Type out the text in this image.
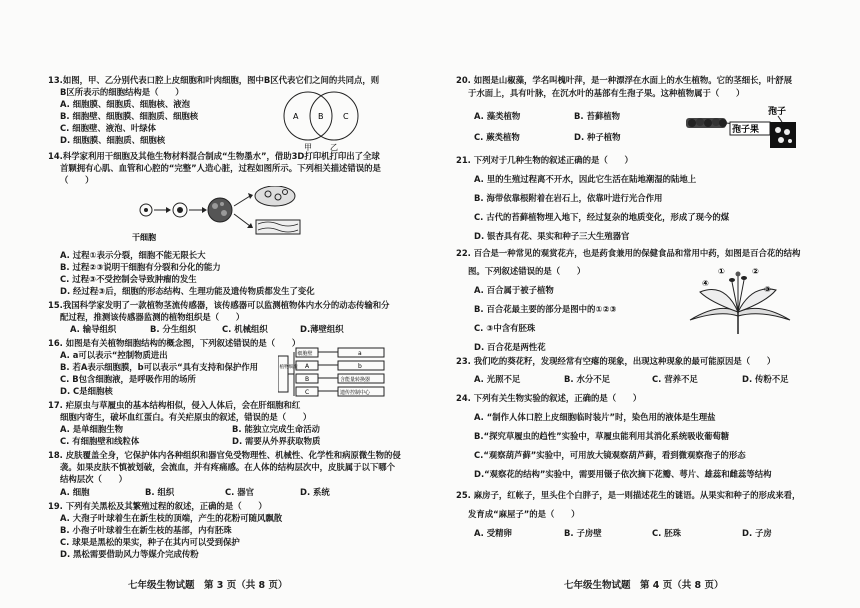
13.如图，甲、乙分别代表口腔上皮细胞和叶肉细胞，图中B区代表它们之间的共同点，则
B区所表示的细胞结构是（　　）
A. 细胞膜、细胞质、细胞核、液泡
B. 细胞壁、细胞膜、细胞质、细胞核
C. 细胞壁、液泡、叶绿体
D. 细胞膜、细胞质、细胞核
A B C
甲 乙
14.科学家利用干细胞及其他生物材料混合制成“生物墨水”，借助3D打印机打印出了全球
首颗拥有心肌、血管和心腔的“完整”人造心脏，过程如图所示。下列相关描述错误的是
（　　）
干细胞
A. 过程①表示分裂，细胞不能无限长大
B. 过程②③说明干细胞有分裂和分化的能力
C. 过程③不受控制会导致肿瘤的发生
D. 经过程③后，细胞的形态结构、生理功能及遗传物质都发生了变化
15.我国科学家发明了一款植物茎流传感器，该传感器可以监测植物体内水分的动态传输和分
配过程，推测该传感器监测的植物组织是（　　）
A. 输导组织	B. 分生组织	C. 机械组织	D.薄壁组织
16. 如图是有关植物细胞结构的概念图，下列叙述错误的是（　　）
A. a可以表示“控制物质进出
B. 若A表示细胞膜，b可以表示“具有支持和保护作用
C. B包含细胞液，是呼吸作用的场所
D. C是细胞核
植物细胞
细胞壁
A
B
C
a
b
含能量转换器
遗传控制中心
17. 疟原虫与草履虫的基本结构相似，侵入人体后，会在肝细胞和红
细胞内寄生，破坏血红蛋白。有关疟原虫的叙述，错误的是（　　）
A. 是单细胞生物	B. 能独立完成生命活动
C. 有细胞壁和线粒体	D. 需要从外界获取物质
18. 皮肤覆盖全身，它保护体内各种组织和器官免受物理性、机械性、化学性和病原微生物的侵
袭。如果皮肤不慎被划破，会流血，并有疼痛感。在人体的结构层次中，皮肤属于以下哪个
结构层次（　　）
A. 细胞	B. 组织	C. 器官	D. 系统
19. 下列有关黑松及其繁殖过程的叙述，正确的是（　　）
A. 大孢子叶球着生在新生枝的顶端，产生的花粉可随风飘散
B. 小孢子叶球着生在新生枝的基部，内有胚珠
C. 球果是黑松的果实，种子在其内可以受到保护
D. 黑松需要借助风力等媒介完成传粉
七年级生物试题　第 3 页（共 8 页）
20. 如图是山椒藻，学名叫槐叶萍，是一种漂浮在水面上的水生植物。它的茎细长，叶舒展
于水面上，具有叶脉，在沉水叶的基部有生孢子果。这种植物属于（　　）
A. 藻类植物	B. 苔藓植物
C. 蕨类植物	D. 种子植物
孢子果
孢子
21. 下列对于几种生物的叙述正确的是（　　）
A. 里的生殖过程离不开水，因此它生活在陆地潮湿的陆地上
B. 海带依靠根附着在岩石上，依靠叶进行光合作用
C. 古代的苔藓植物埋入地下，经过复杂的地质变化，形成了现今的煤
D. 银杏具有花、果实和种子三大生殖器官
22. 百合是一种常见的观赏花卉，也是药食兼用的保健食品和常用中药，如图是百合花的结构
图。下列叙述错误的是（　　）
A. 百合属于被子植物
B. 百合花最主要的部分是图中的①②③
C. ③中含有胚珠
D. 百合花是两性花
①	②
③
④
23. 我们吃的葵花籽，发现经常有空瘪的现象，出现这种现象的最可能原因是（　　）
A. 光照不足	B. 水分不足	C. 营养不足	D. 传粉不足
24. 下列有关生物实验的叙述，正确的是（　　）
A. “制作人体口腔上皮细胞临时装片”时，染色用的液体是生理盐
B.“探究草履虫的趋性”实验中，草履虫能利用其消化系统吸收葡萄糖
C.“观察葫芦藓”实验中，可用放大镜观察葫芦藓，看到微观察孢子的形态
D.“观察花的结构”实验中，需要用镊子依次摘下花瓣、萼片、雄蕊和雌蕊等结构
25. 麻房子，红帐子，里头住个白胖子，是一则描述花生的谜语。从果实和种子的形成来看，
发育成“麻屋子”的是（　　）
A. 受精卵	B. 子房壁	C. 胚珠	D. 子房
七年级生物试题　第 4 页（共 8 页）
